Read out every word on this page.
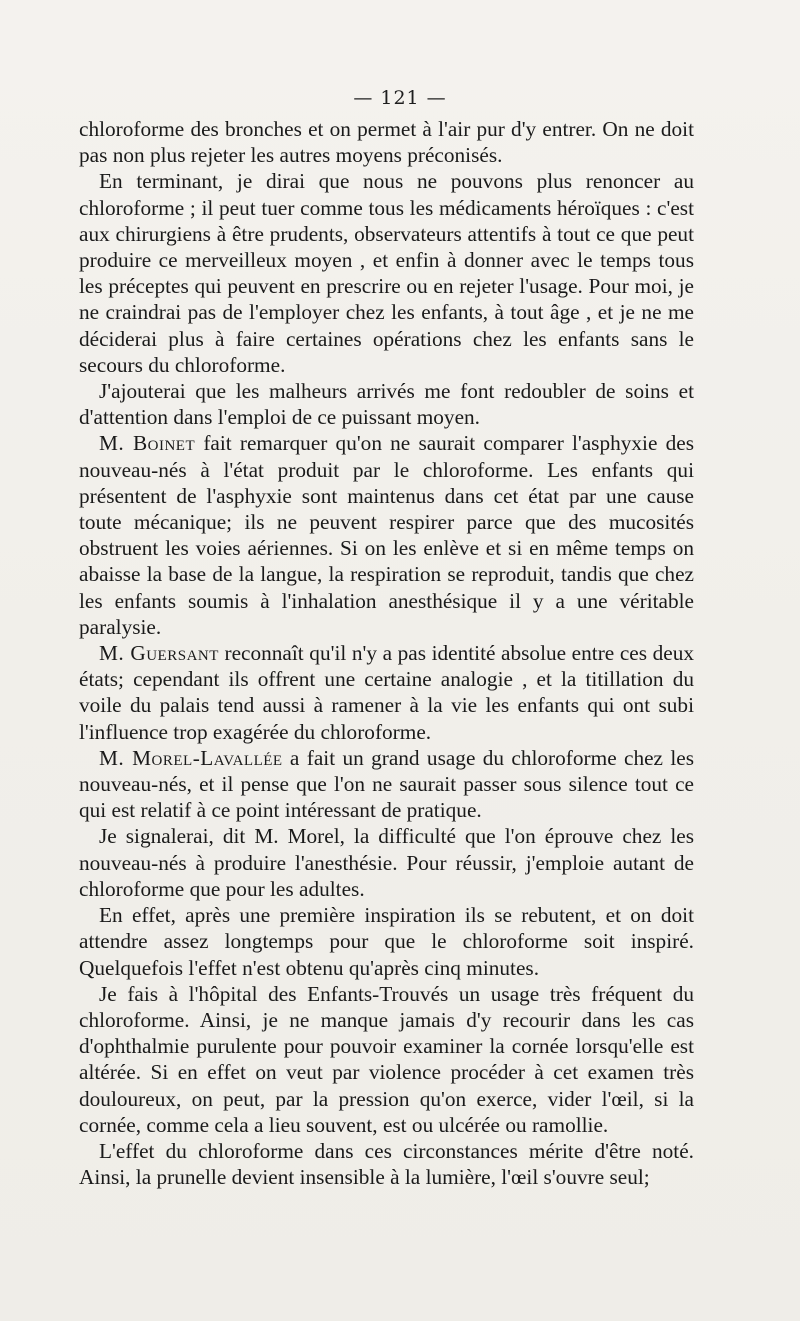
— 121 —

chloroforme des bronches et on permet à l'air pur d'y entrer. On ne doit pas non plus rejeter les autres moyens préconisés.

En terminant, je dirai que nous ne pouvons plus renoncer au chloroforme ; il peut tuer comme tous les médicaments héroïques : c'est aux chirurgiens à être prudents, observateurs attentifs à tout ce que peut produire ce merveilleux moyen , et enfin à donner avec le temps tous les préceptes qui peuvent en prescrire ou en rejeter l'usage. Pour moi, je ne craindrai pas de l'employer chez les enfants, à tout âge , et je ne me déciderai plus à faire certaines opérations chez les enfants sans le secours du chloroforme.

J'ajouterai que les malheurs arrivés me font redoubler de soins et d'attention dans l'emploi de ce puissant moyen.

M. Boinet fait remarquer qu'on ne saurait comparer l'asphyxie des nouveau-nés à l'état produit par le chloroforme. Les enfants qui présentent de l'asphyxie sont maintenus dans cet état par une cause toute mécanique; ils ne peuvent respirer parce que des mucosités obstruent les voies aériennes. Si on les enlève et si en même temps on abaisse la base de la langue, la respiration se reproduit, tandis que chez les enfants soumis à l'inhalation anesthésique il y a une véritable paralysie.

M. Guersant reconnaît qu'il n'y a pas identité absolue entre ces deux états; cependant ils offrent une certaine analogie , et la titillation du voile du palais tend aussi à ramener à la vie les enfants qui ont subi l'influence trop exagérée du chloroforme.

M. Morel-Lavallée a fait un grand usage du chloroforme chez les nouveau-nés, et il pense que l'on ne saurait passer sous silence tout ce qui est relatif à ce point intéressant de pratique.

Je signalerai, dit M. Morel, la difficulté que l'on éprouve chez les nouveau-nés à produire l'anesthésie. Pour réussir, j'emploie autant de chloroforme que pour les adultes.

En effet, après une première inspiration ils se rebutent, et on doit attendre assez longtemps pour que le chloroforme soit inspiré. Quelquefois l'effet n'est obtenu qu'après cinq minutes.

Je fais à l'hôpital des Enfants-Trouvés un usage très fréquent du chloroforme. Ainsi, je ne manque jamais d'y recourir dans les cas d'ophthalmie purulente pour pouvoir examiner la cornée lorsqu'elle est altérée. Si en effet on veut par violence procéder à cet examen très douloureux, on peut, par la pression qu'on exerce, vider l'œil, si la cornée, comme cela a lieu souvent, est ou ulcérée ou ramollie.

L'effet du chloroforme dans ces circonstances mérite d'être noté. Ainsi, la prunelle devient insensible à la lumière, l'œil s'ouvre seul;
